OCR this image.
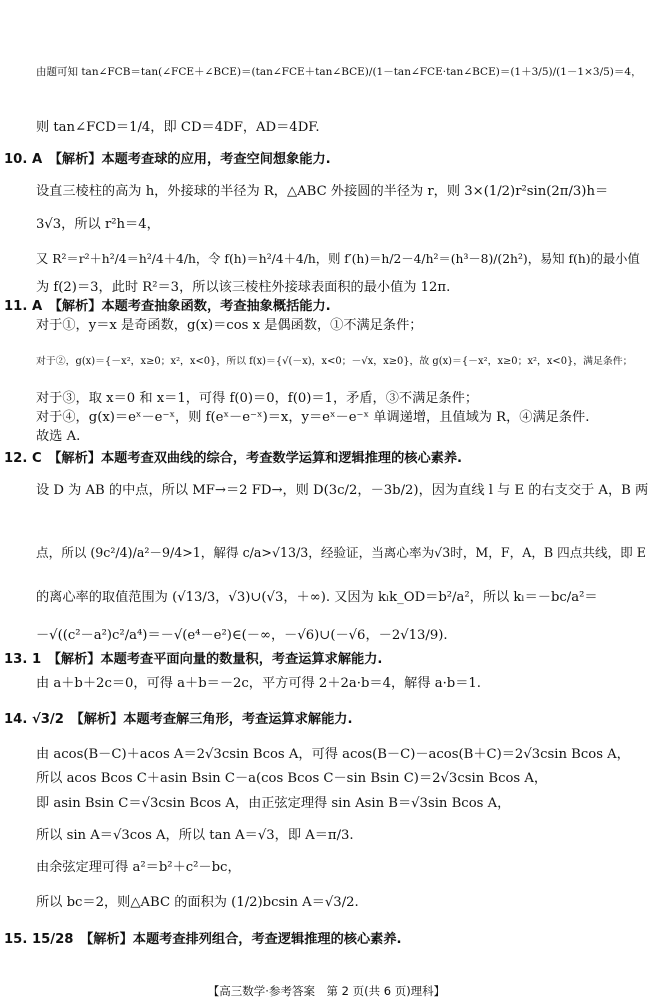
由题可知 tan∠FCB＝tan(∠FCE＋∠BCE)＝(tan∠FCE＋tan∠BCE)/(1－tan∠FCE·tan∠BCE)＝(1＋3/5)/(1－1×3/5)＝4，
则 tan∠FCD＝1/4，即 CD＝4DF，AD＝4DF.
10. A　【解析】本题考查球的应用，考查空间想象能力.
设直三棱柱的高为 h，外接球的半径为 R，△ABC 外接圆的半径为 r，则 3×(1/2)r²sin(2π/3)h＝
3√3，所以 r²h＝4，
又 R²＝r²＋h²/4＝h²/4＋4/h，令 f(h)＝h²/4＋4/h，则 f′(h)＝h/2－4/h²＝(h³－8)/(2h²)，易知 f(h)的最小值
为 f(2)＝3，此时 R²＝3，所以该三棱柱外接球表面积的最小值为 12π.
11. A　【解析】本题考查抽象函数，考查抽象概括能力.
对于①，y＝x 是奇函数，g(x)＝cos x 是偶函数，①不满足条件；
对于②，g(x)＝{－x²，x≥0；x²，x<0}，所以 f(x)＝{√(－x)，x<0；－√x，x≥0}，故 g(x)＝{－x²，x≥0；x²，x<0}，满足条件；
对于③，取 x＝0 和 x＝1，可得 f(0)＝0，f(0)＝1，矛盾，③不满足条件；
对于④，g(x)＝eˣ－e⁻ˣ，则 f(eˣ－e⁻ˣ)＝x，y＝eˣ－e⁻ˣ 单调递增，且值域为 R，④满足条件.
故选 A.
12. C　【解析】本题考查双曲线的综合，考查数学运算和逻辑推理的核心素养.
设 D 为 AB 的中点，所以 MF→＝2 FD→，则 D(3c/2，－3b/2)，因为直线 l 与 E 的右支交于 A，B 两
点，所以 (9c²/4)/a²－9/4>1，解得 c/a>√13/3，经验证，当离心率为√3时，M，F，A，B 四点共线，即 E
的离心率的取值范围为 (√13/3，√3)∪(√3，＋∞). 又因为 kₗk_OD＝b²/a²，所以 kₗ＝－bc/a²＝
－√((c²－a²)c²/a⁴)＝－√(e⁴－e²)∈(－∞，－√6)∪(－√6，－2√13/9).
13. 1　【解析】本题考查平面向量的数量积，考查运算求解能力.
由 a＋b＋2c＝0，可得 a＋b＝－2c，平方可得 2＋2a·b＝4，解得 a·b＝1.
14. √3/2　【解析】本题考查解三角形，考查运算求解能力.
由 acos(B－C)＋acos A＝2√3csin Bcos A，可得 acos(B－C)－acos(B＋C)＝2√3csin Bcos A，
所以 acos Bcos C＋asin Bsin C－a(cos Bcos C－sin Bsin C)＝2√3csin Bcos A，
即 asin Bsin C＝√3csin Bcos A，由正弦定理得 sin Asin B＝√3sin Bcos A，
所以 sin A＝√3cos A，所以 tan A＝√3，即 A＝π/3.
由余弦定理可得 a²＝b²＋c²－bc，
所以 bc＝2，则△ABC 的面积为 (1/2)bcsin A＝√3/2.
15. 15/28　【解析】本题考查排列组合，考查逻辑推理的核心素养.
【高三数学·参考答案　第 2 页(共 6 页)理科】
